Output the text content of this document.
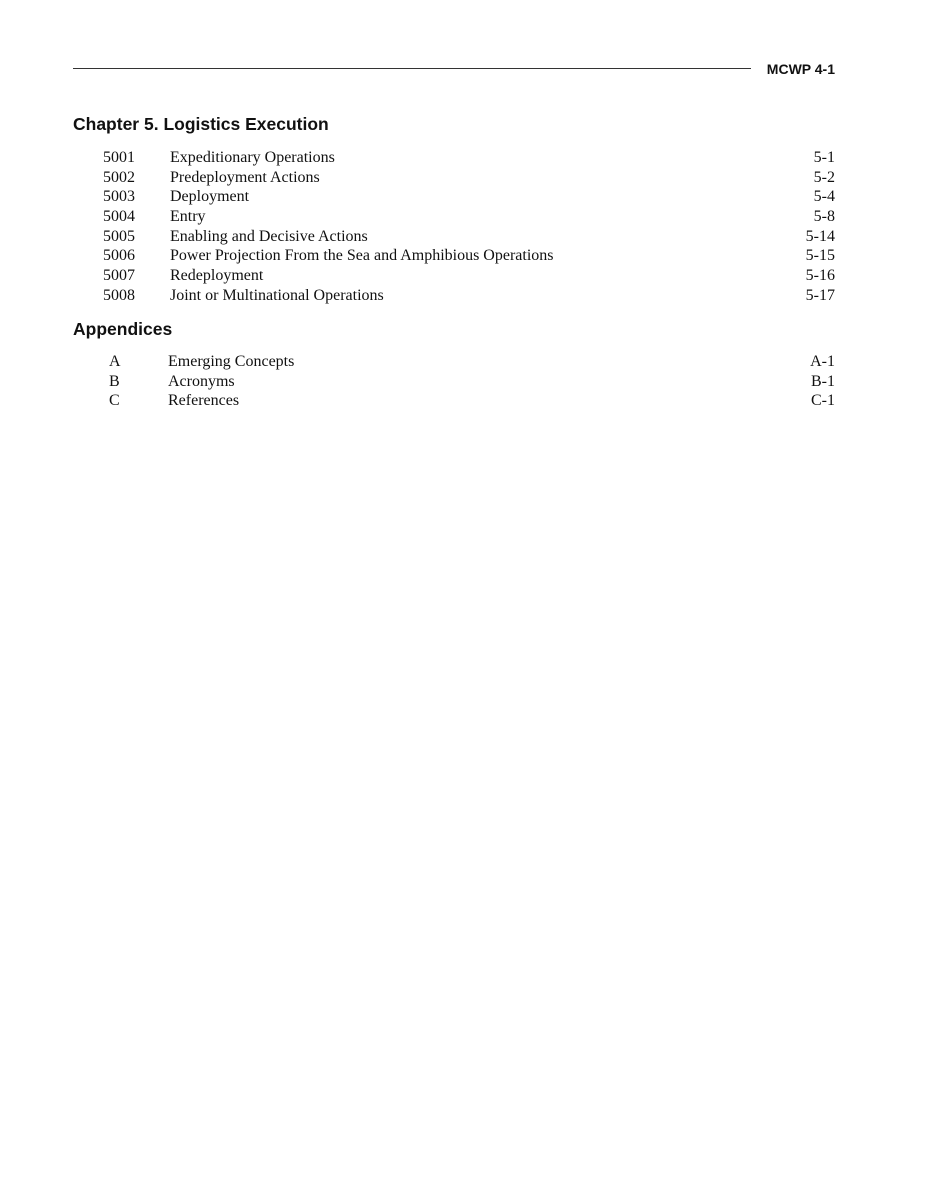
MCWP 4-1
Chapter 5. Logistics Execution
5001 Expeditionary Operations	5-1
5002 Predeployment Actions	5-2
5003 Deployment	5-4
5004 Entry	5-8
5005 Enabling and Decisive Actions	5-14
5006 Power Projection From the Sea and Amphibious Operations	5-15
5007 Redeployment	5-16
5008 Joint or Multinational Operations	5-17
Appendices
A	Emerging Concepts	A-1
B	Acronyms	B-1
C	References	C-1
